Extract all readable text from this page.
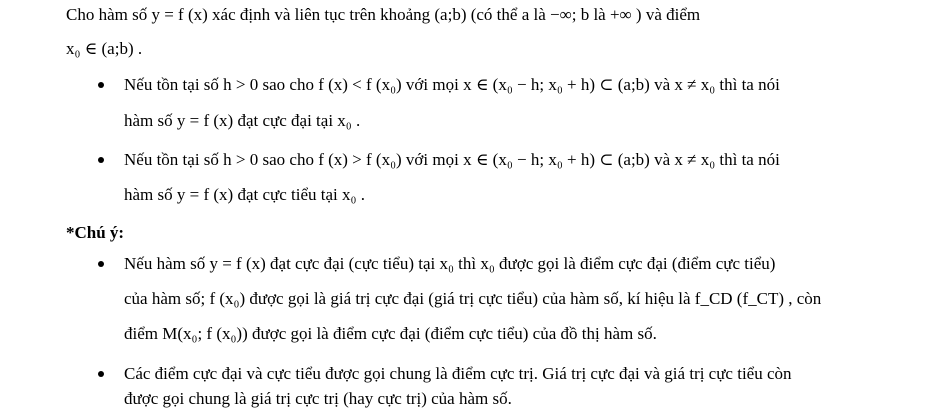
Cho hàm số y = f (x) xác định và liên tục trên khoảng (a;b) (có thể a là −∞; b là +∞ ) và điểm
x₀ ∈ (a;b) .
Nếu tồn tại số h > 0 sao cho f (x) < f (x₀) với mọi x ∈ (x₀ − h; x₀ + h) ⊂ (a;b) và x ≠ x₀ thì ta nói
hàm số y = f (x) đạt cực đại tại x₀ .
Nếu tồn tại số h > 0 sao cho f (x) > f (x₀) với mọi x ∈ (x₀ − h; x₀ + h) ⊂ (a;b) và x ≠ x₀ thì ta nói
hàm số y = f (x) đạt cực tiểu tại x₀ .
*Chú ý:
Nếu hàm số y = f (x) đạt cực đại (cực tiểu) tại x₀ thì x₀ được gọi là điểm cực đại (điểm cực tiểu)
của hàm số; f (x₀) được gọi là giá trị cực đại (giá trị cực tiểu) của hàm số, kí hiệu là f_CD (f_CT) , còn
điểm M(x₀; f (x₀)) được gọi là điểm cực đại (điểm cực tiểu) của đồ thị hàm số.
Các điểm cực đại và cực tiểu được gọi chung là điểm cực trị. Giá trị cực đại và giá trị cực tiểu còn
được gọi chung là giá trị cực trị (hay cực trị) của hàm số.
